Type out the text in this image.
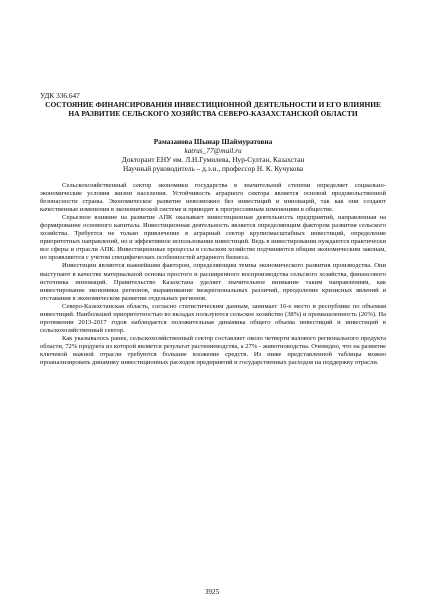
УДК 336.647
СОСТОЯНИЕ ФИНАНСИРОВАНИЯ ИНВЕСТИЦИОННОЙ ДЕЯТЕЛЬНОСТИ И ЕГО ВЛИЯНИЕ НА РАЗВИТИЕ СЕЛЬСКОГО ХОЗЯЙСТВА СЕВЕРО-КАЗАХСТАНСКОЙ ОБЛАСТИ
Рамазанова Шынар Шаймуратовна
katrus_77@mail.ru
Докторант ЕНУ им. Л.Н.Гумилева, Нур-Султан, Казахстан
Научный руководитель – д.э.н., профессор Н. К. Кучукова

Сельскохозяйственный сектор экономики государства в значительной степени определяет социально-экономические условия жизни населения. Устойчивость аграрного сектора является основой продовольственной безопасности страны. Экономическое развитие невозможно без инвестиций и инноваций, так как они создают качественные изменения в экономической системе и приводят к прогрессивным изменениям в обществе.

Серьезное влияние на развитие АПК оказывает инвестиционная деятельность предприятий, направленная на формирование основного капитала. Инвестиционная деятельность является определяющим фактором развития сельского хозяйства. Требуется не только привлечение в аграрный сектор крупномасштабных инвестиций, определение приоритетных направлений, но и эффективное использование инвестиций. Ведь в инвестировании нуждаются практически все сферы и отрасли АПК. Инвестиционные процессы в сельском хозяйстве подчиняются общим экономическим законам, но проявляются с учетом специфических особенностей аграрного бизнеса.

Инвестиции являются важнейшим фактором, определяющим темпы экономического развития производства. Они выступают в качестве материальной основы простого и расширенного воспроизводства сельского хозяйства, финансового источника инноваций. Правительство Казахстана уделяет значительное внимание таким направлениям, как инвестирование экономики регионов, выравнивание межрегиональных различий, преодоление кризисных явлений и отставания в экономическом развитии отдельных регионов.

Северо-Казахстанская область, согласно статистическим данным, занимает 16-е место в республике по объемам инвестиций. Наибольшей приоритетностью во вкладах пользуются сельское хозяйство (38%) и промышленность (26%). На протяжении 2013-2017 годов наблюдается положительная динамика общего объема инвестиций и инвестиций в сельскохозяйственный сектор.

Как указывалось ранее, сельскохозяйственный сектор составляет около четверти валового регионального продукта области, 72% продукта из которой является результат растениеводства, а 27% - животноводства. Очевидно, что на развитие ключевой важной отрасли требуются большие вложение средств. Из ниже представленной таблицы можно проанализировать динамику инвестиционных расходов предприятий и государственных расходов на поддержку отрасли.

3925
